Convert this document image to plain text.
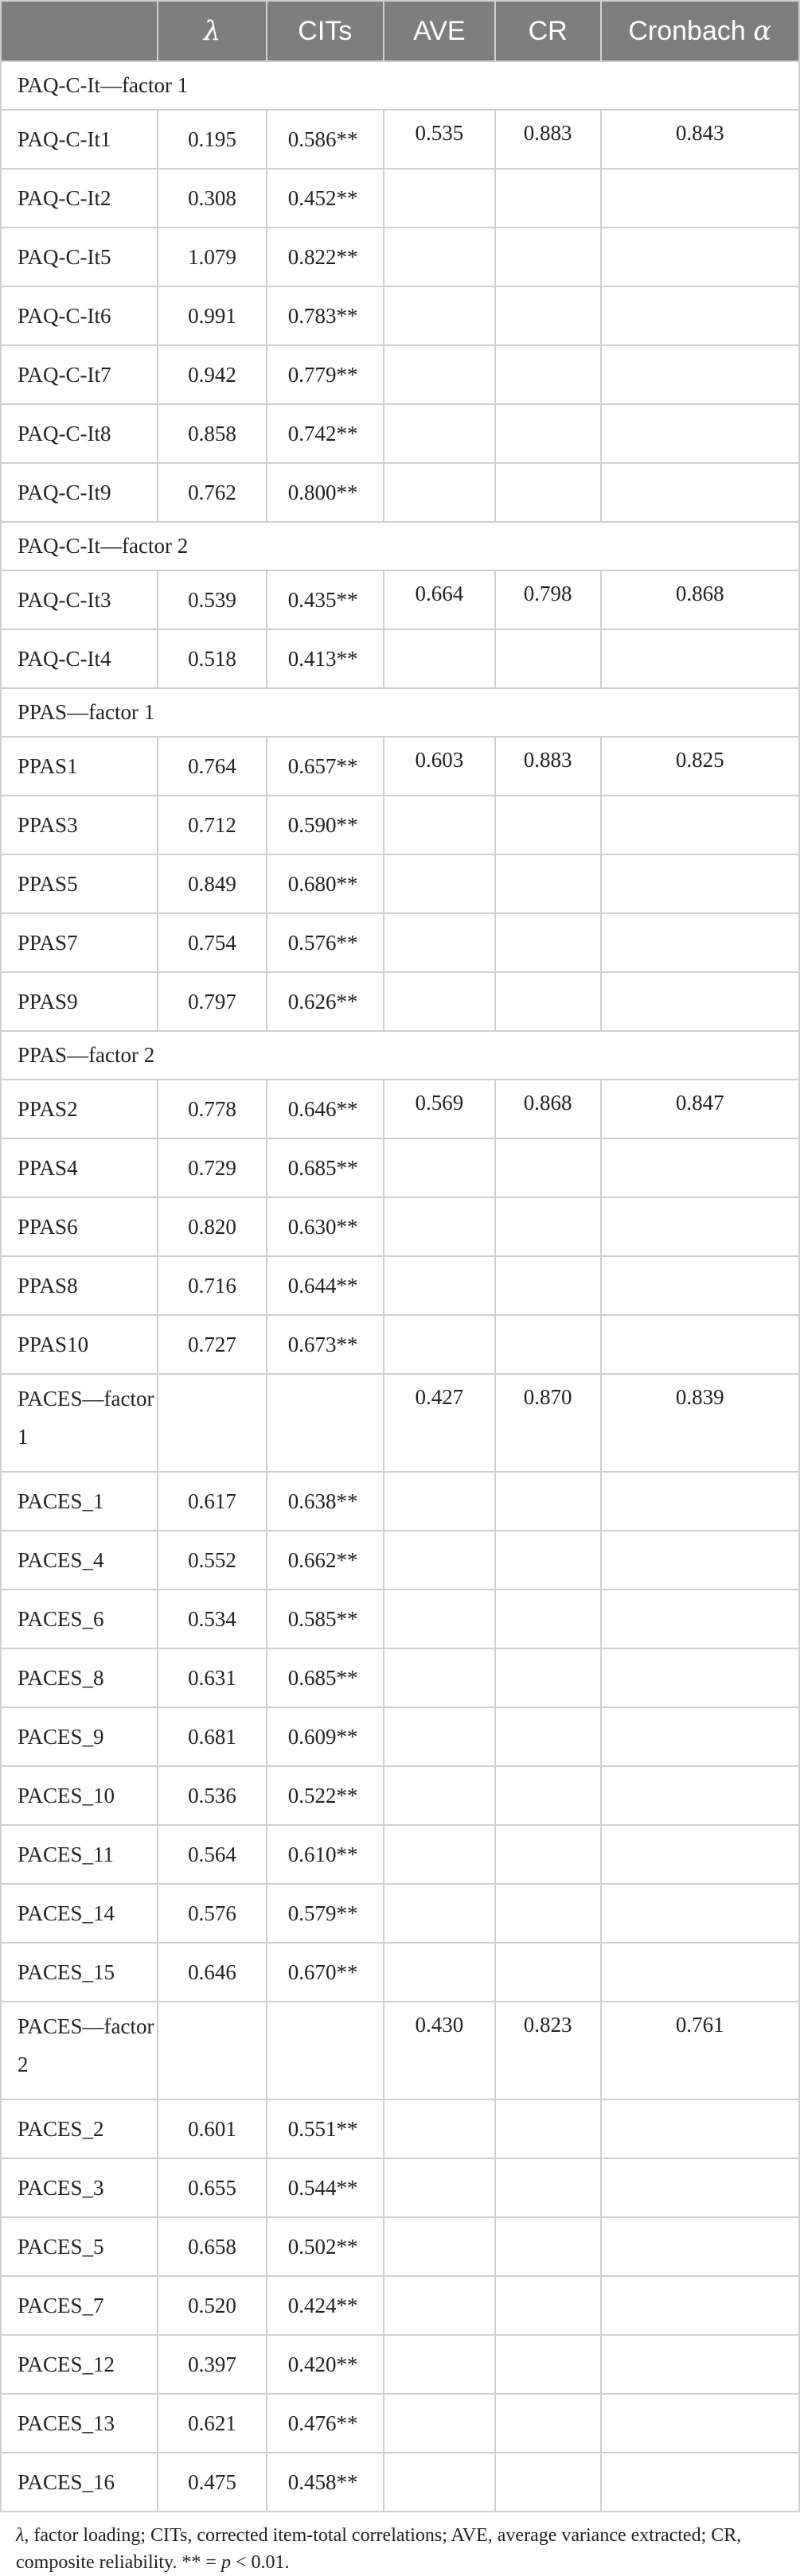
	λ	CITs	AVE	CR	Cronbach α
PAQ-C-It—factor 1					
PAQ-C-It1	0.195	0.586**	0.535	0.883	0.843
PAQ-C-It2	0.308	0.452**			
PAQ-C-It5	1.079	0.822**			
PAQ-C-It6	0.991	0.783**			
PAQ-C-It7	0.942	0.779**			
PAQ-C-It8	0.858	0.742**			
PAQ-C-It9	0.762	0.800**			
PAQ-C-It—factor 2					
PAQ-C-It3	0.539	0.435**	0.664	0.798	0.868
PAQ-C-It4	0.518	0.413**			
PPAS—factor 1					
PPAS1	0.764	0.657**	0.603	0.883	0.825
PPAS3	0.712	0.590**			
PPAS5	0.849	0.680**			
PPAS7	0.754	0.576**			
PPAS9	0.797	0.626**			
PPAS—factor 2					
PPAS2	0.778	0.646**	0.569	0.868	0.847
PPAS4	0.729	0.685**			
PPAS6	0.820	0.630**			
PPAS8	0.716	0.644**			
PPAS10	0.727	0.673**			
PACES—factor 1			0.427	0.870	0.839
PACES_1	0.617	0.638**			
PACES_4	0.552	0.662**			
PACES_6	0.534	0.585**			
PACES_8	0.631	0.685**			
PACES_9	0.681	0.609**			
PACES_10	0.536	0.522**			
PACES_11	0.564	0.610**			
PACES_14	0.576	0.579**			
PACES_15	0.646	0.670**			
PACES—factor 2			0.430	0.823	0.761
PACES_2	0.601	0.551**			
PACES_3	0.655	0.544**			
PACES_5	0.658	0.502**			
PACES_7	0.520	0.424**			
PACES_12	0.397	0.420**			
PACES_13	0.621	0.476**			
PACES_16	0.475	0.458**			
λ, factor loading; CITs, corrected item-total correlations; AVE, average variance extracted; CR, composite reliability. ** = p < 0.01.
